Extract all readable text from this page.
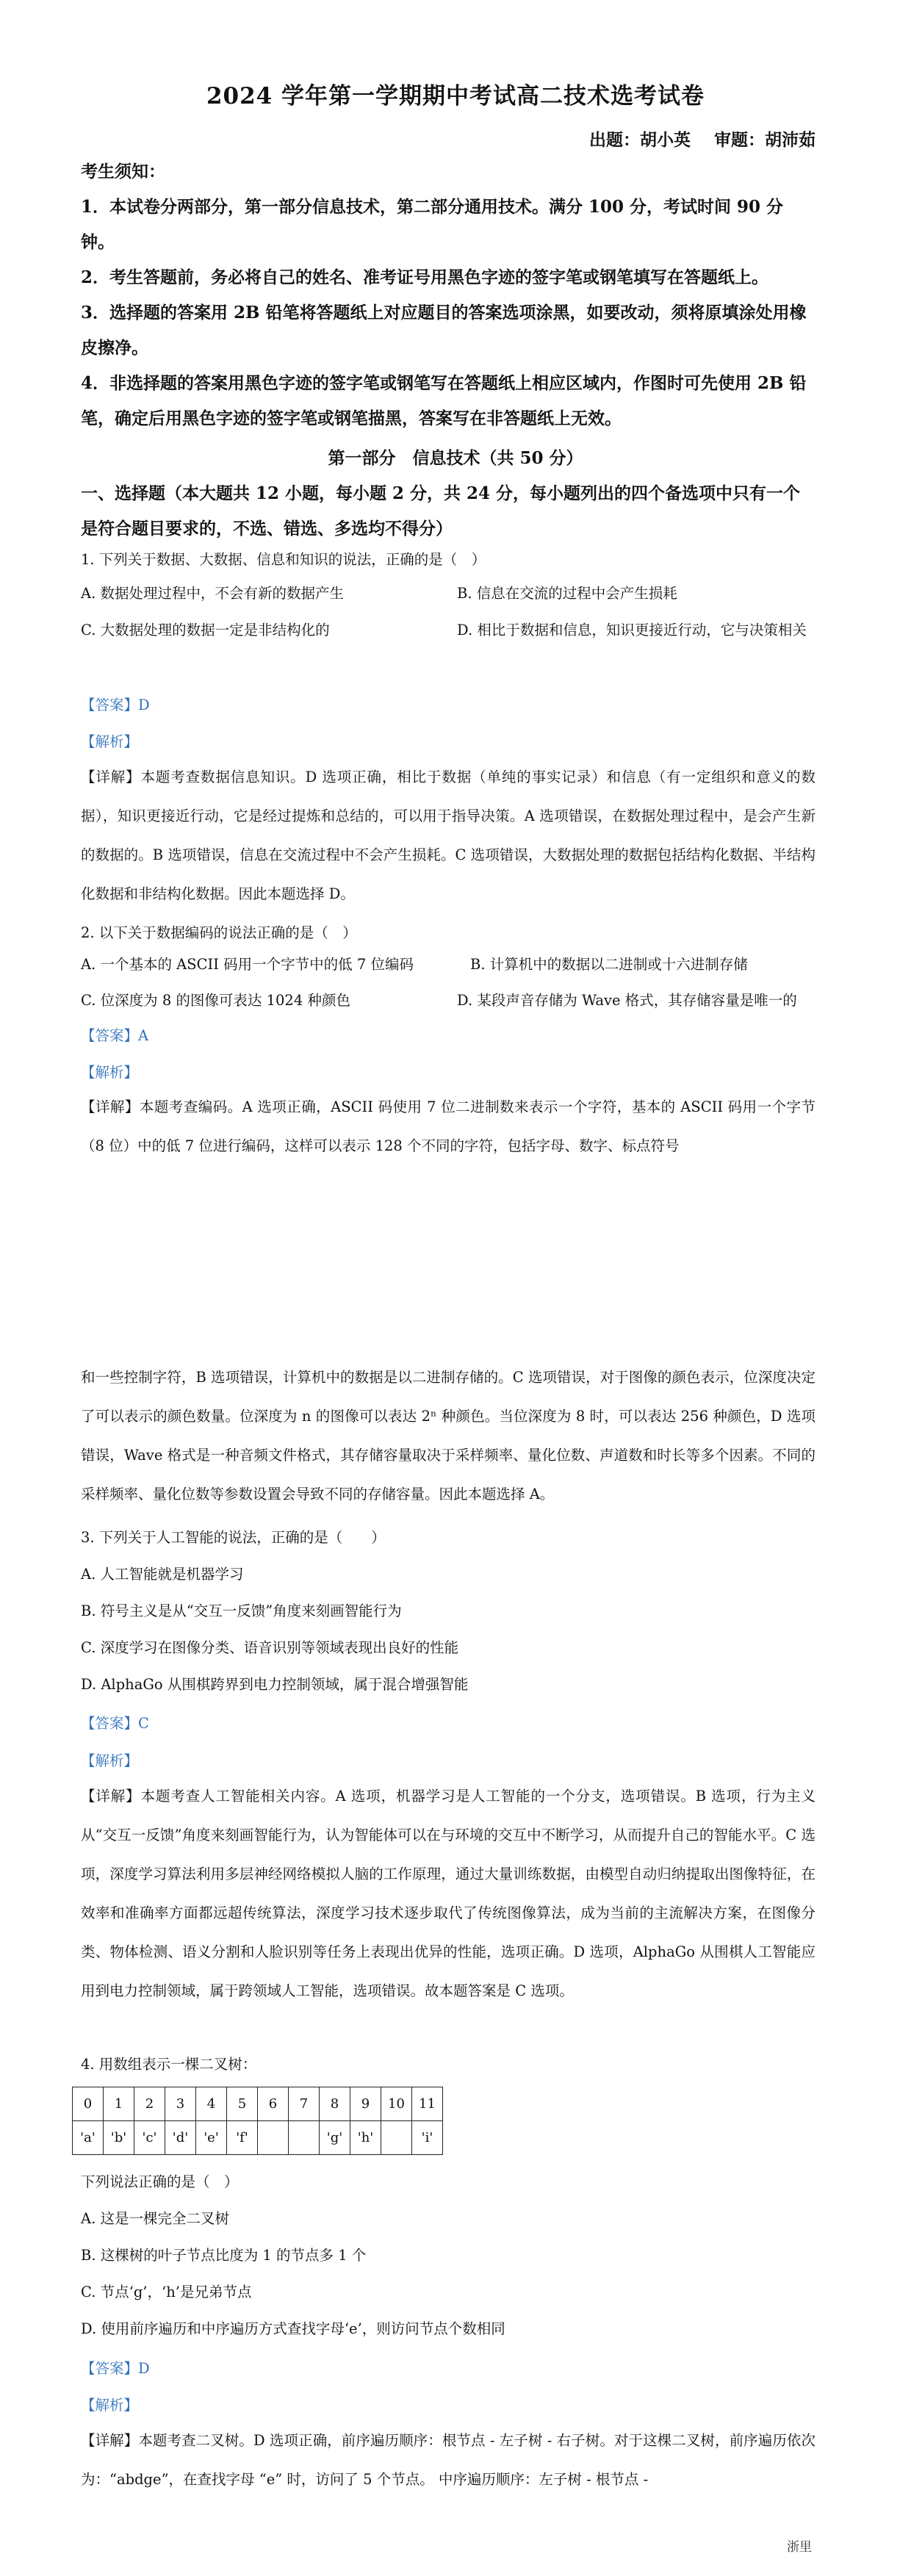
2024 学年第一学期期中考试高二技术选考试卷
出题：胡小英    审题：胡沛茹
考生须知：
1．本试卷分两部分，第一部分信息技术，第二部分通用技术。满分 100 分，考试时间 90 分钟。
2．考生答题前，务必将自己的姓名、准考证号用黑色字迹的签字笔或钢笔填写在答题纸上。
3．选择题的答案用 2B 铅笔将答题纸上对应题目的答案选项涂黑，如要改动，须将原填涂处用橡皮擦净。
4．非选择题的答案用黑色字迹的签字笔或钢笔写在答题纸上相应区域内，作图时可先使用 2B 铅笔，确定后用黑色字迹的签字笔或钢笔描黑，答案写在非答题纸上无效。
第一部分　信息技术（共 50 分）
一、选择题（本大题共 12 小题，每小题 2 分，共 24 分，每小题列出的四个备选项中只有一个是符合题目要求的，不选、错选、多选均不得分）
1. 下列关于数据、大数据、信息和知识的说法，正确的是（　）
A. 数据处理过程中，不会有新的数据产生	B. 信息在交流的过程中会产生损耗
C. 大数据处理的数据一定是非结构化的	D. 相比于数据和信息，知识更接近行动，它与决策相关
【答案】D
【解析】
【详解】本题考查数据信息知识。D 选项正确，相比于数据（单纯的事实记录）和信息（有一定组织和意义的数据），知识更接近行动，它是经过提炼和总结的，可以用于指导决策。A 选项错误，在数据处理过程中，是会产生新的数据的。B 选项错误，信息在交流过程中不会产生损耗。C 选项错误，大数据处理的数据包括结构化数据、半结构化数据和非结构化数据。因此本题选择 D。
2. 以下关于数据编码的说法正确的是（　）
A. 一个基本的 ASCII 码用一个字节中的低 7 位编码	B. 计算机中的数据以二进制或十六进制存储
C. 位深度为 8 的图像可表达 1024 种颜色	D. 某段声音存储为 Wave 格式，其存储容量是唯一的
【答案】A
【解析】
【详解】本题考查编码。A 选项正确，ASCII 码使用 7 位二进制数来表示一个字符，基本的 ASCII 码用一个字节（8 位）中的低 7 位进行编码，这样可以表示 128 个不同的字符，包括字母、数字、标点符号
和一些控制字符，B 选项错误，计算机中的数据是以二进制存储的。C 选项错误，对于图像的颜色表示，位深度决定了可以表示的颜色数量。位深度为 n 的图像可以表达 2ⁿ 种颜色。当位深度为 8 时，可以表达 256 种颜色，D 选项错误，Wave 格式是一种音频文件格式，其存储容量取决于采样频率、量化位数、声道数和时长等多个因素。不同的采样频率、量化位数等参数设置会导致不同的存储容量。因此本题选择 A。
3. 下列关于人工智能的说法，正确的是（　　）
A. 人工智能就是机器学习
B. 符号主义是从“交互一反馈”角度来刻画智能行为
C. 深度学习在图像分类、语音识别等领域表现出良好的性能
D. AlphaGo 从围棋跨界到电力控制领域，属于混合增强智能
【答案】C
【解析】
【详解】本题考查人工智能相关内容。A 选项，机器学习是人工智能的一个分支，选项错误。B 选项，行为主义从“交互一反馈”角度来刻画智能行为，认为智能体可以在与环境的交互中不断学习，从而提升自己的智能水平。C 选项，深度学习算法利用多层神经网络模拟人脑的工作原理，通过大量训练数据，由模型自动归纳提取出图像特征，在效率和准确率方面都远超传统算法，深度学习技术逐步取代了传统图像算法，成为当前的主流解决方案，在图像分类、物体检测、语义分割和人脸识别等任务上表现出优异的性能，选项正确。D 选项，AlphaGo 从围棋人工智能应用到电力控制领域，属于跨领域人工智能，选项错误。故本题答案是 C 选项。
4. 用数组表示一棵二叉树：
0	1	2	3	4	5	6	7	8	9	10	11
'a'	'b'	'c'	'd'	'e'	'f'			'g'	'h'		'i'
下列说法正确的是（　）
A. 这是一棵完全二叉树
B. 这棵树的叶子节点比度为 1 的节点多 1 个
C. 节点‘g’，‘h’是兄弟节点
D. 使用前序遍历和中序遍历方式查找字母‘e’，则访问节点个数相同
【答案】D
【解析】
【详解】本题考查二叉树。D 选项正确，前序遍历顺序：根节点 - 左子树 - 右子树。对于这棵二叉树，前序遍历依次为：“abdge”，在查找字母 “e” 时，访问了 5 个节点。 中序遍历顺序：左子树 - 根节点 -
浙里
